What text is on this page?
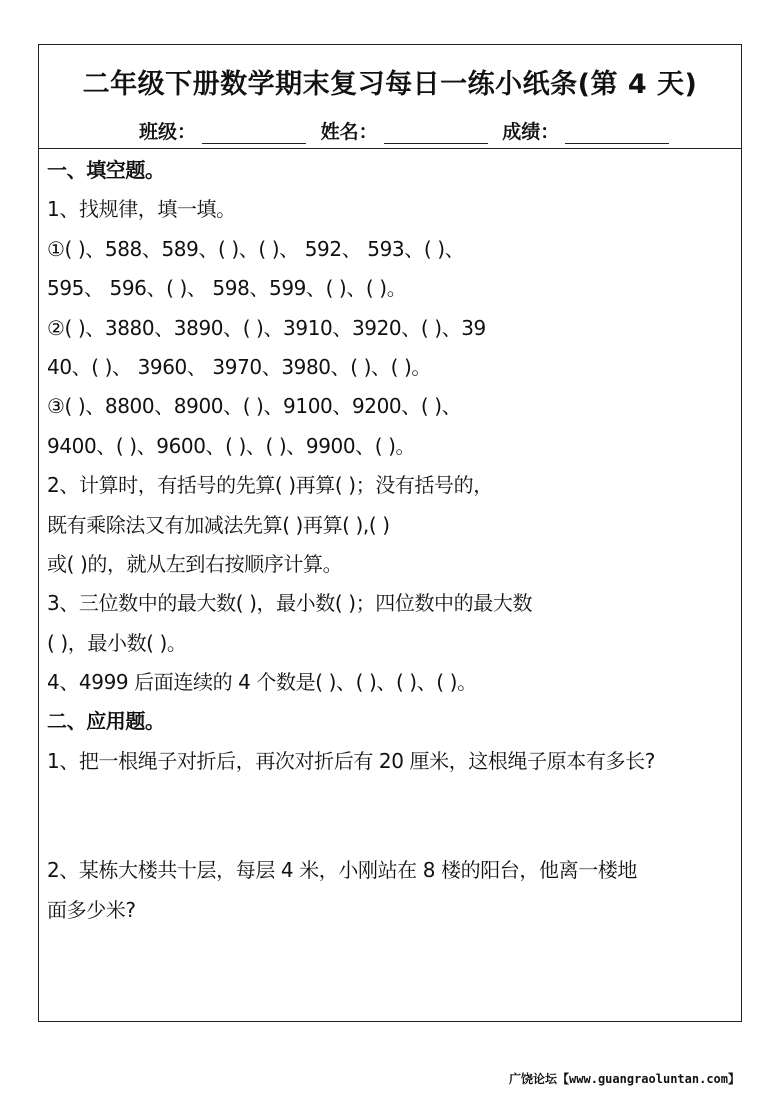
二年级下册数学期末复习每日一练小纸条(第 4 天)
班级：	姓名：	成绩：
一、填空题。
1、找规律，填一填。
①( )、588、589、( )、( )、 592、 593、( )、
595、 596、( )、 598、599、( )、( )。
②( )、3880、3890、( )、3910、3920、( )、39
40、( )、 3960、 3970、3980、( )、( )。
③( )、8800、8900、( )、9100、9200、( )、
9400、( )、9600、( )、( )、9900、( )。
2、计算时，有括号的先算( )再算( )；没有括号的，
既有乘除法又有加减法先算( )再算( ),( )
或( )的，就从左到右按顺序计算。
3、三位数中的最大数( )，最小数( )；四位数中的最大数
( )，最小数( )。
4、4999 后面连续的 4 个数是( )、( )、( )、( )。
二、应用题。
1、把一根绳子对折后，再次对折后有 20 厘米，这根绳子原本有多长?
2、某栋大楼共十层，每层 4 米，小刚站在 8 楼的阳台，他离一楼地
面多少米?
广饶论坛【www.guangraoluntan.com】
